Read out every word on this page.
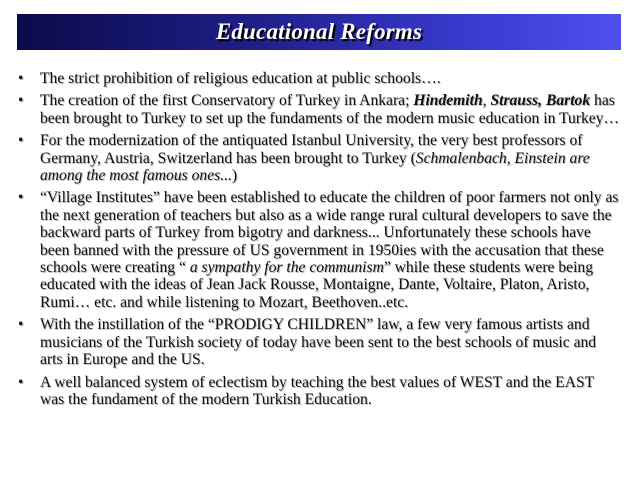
Educational Reforms
• The strict prohibition of religious education at public schools….
• The creation of the first Conservatory of Turkey in Ankara; Hindemith, Strauss, Bartok has been brought to Turkey to set up the fundaments of the modern music education in Turkey…
• For the modernization of the antiquated Istanbul University, the very best professors of Germany, Austria, Switzerland has been brought to Turkey (Schmalenbach, Einstein are among the most famous ones...)
• “Village Institutes” have been established to educate the children of poor farmers not only as the next generation of teachers but also as a wide range rural cultural developers to save the backward parts of Turkey from bigotry and darkness... Unfortunately these schools have been banned with the pressure of US government in 1950ies with the accusation that these schools were creating “ a sympathy for the communism” while these students were being educated with the ideas of Jean Jack Rousse, Montaigne, Dante, Voltaire, Platon, Aristo, Rumi… etc. and while listening to Mozart, Beethoven..etc.
• With the instillation of the “PRODIGY CHILDREN” law, a few very famous artists and musicians of the Turkish society of today have been sent to the best schools of music and arts in Europe and the US.
• A well balanced system of eclectism by teaching the best values of WEST and the EAST was the fundament of the modern Turkish Education.
